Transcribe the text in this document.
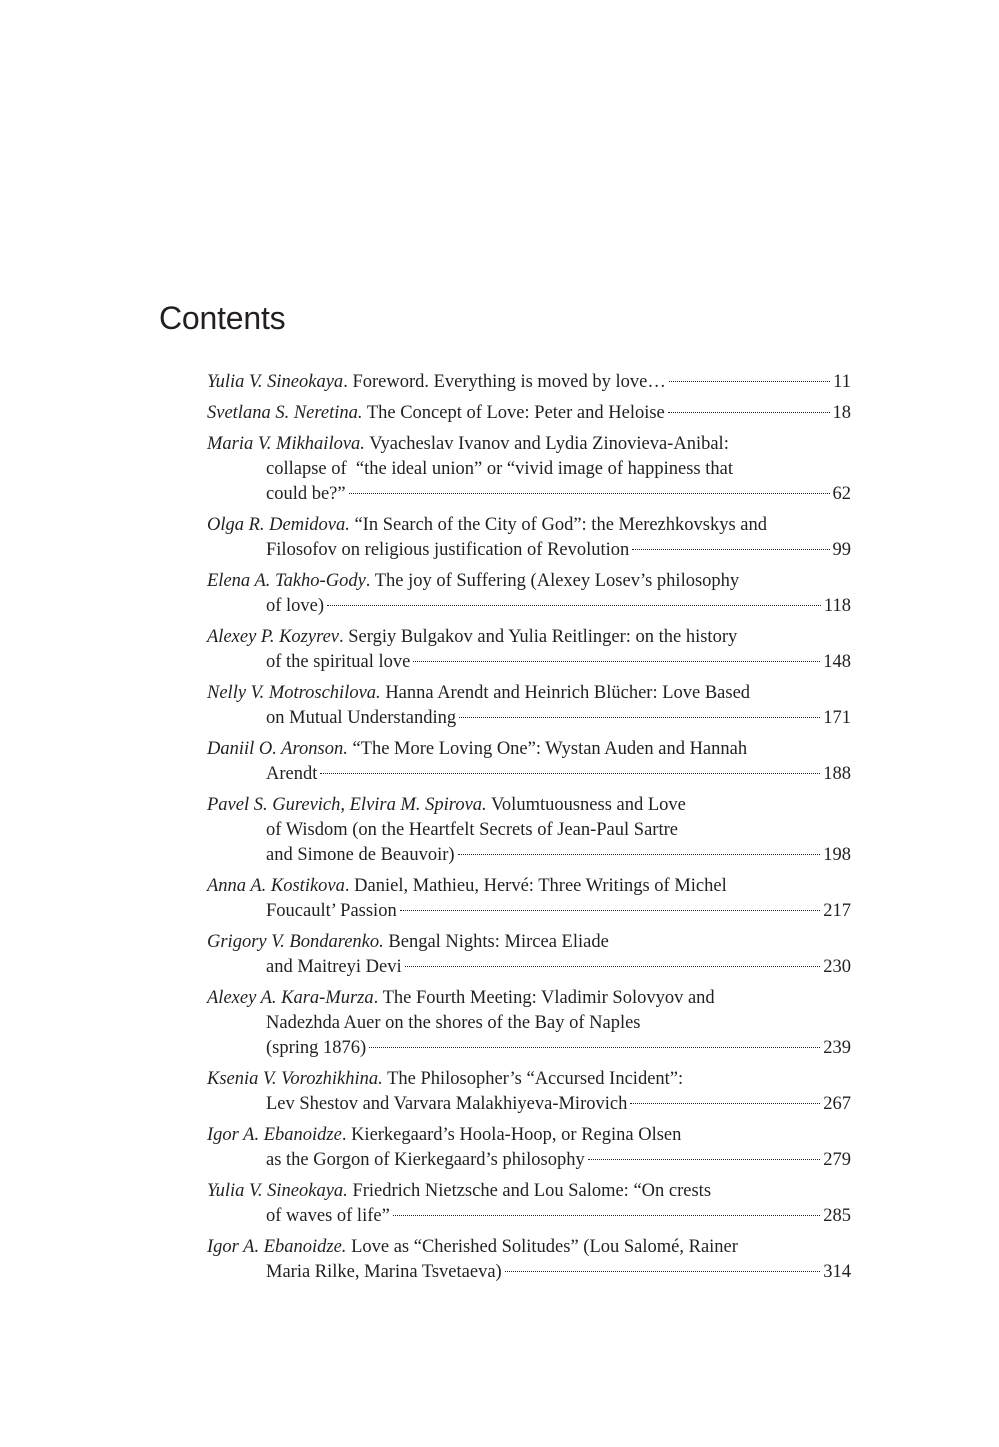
Contents
Yulia V. Sineokaya. Foreword. Everything is moved by love…	11
Svetlana S. Neretina. The Concept of Love: Peter and Heloise	18
Maria V. Mikhailova. Vyacheslav Ivanov and Lydia Zinovieva-Anibal:
collapse of  “the ideal union” or “vivid image of happiness that
could be?”	62
Olga R. Demidova. “In Search of the City of God”: the Merezhkovskys and
Filosofov on religious justification of Revolution	99
Elena A. Takho-Gody. The joy of Suffering (Alexey Losev’s philosophy
of love)	118
Alexey P. Kozyrev. Sergiy Bulgakov and Yulia Reitlinger: on the history
of the spiritual love	148
Nelly V. Motroschilova. Hanna Arendt and Heinrich Blücher: Love Based
on Mutual Understanding	171
Daniil O. Aronson. “The More Loving One”: Wystan Auden and Hannah
Arendt	188
Pavel S. Gurevich, Elvira M. Spirova. Volumtuousness and Love
of Wisdom (on the Heartfelt Secrets of Jean-Paul Sartre
and Simone de Beauvoir)	198
Anna A. Kostikova. Daniel, Mathieu, Hervé: Three Writings of Michel
Foucault’ Passion	217
Grigory V. Bondarenko. Bengal Nights: Mircea Eliade
and Maitreyi Devi	230
Alexey A. Kara-Murza. The Fourth Meeting: Vladimir Solovyov and
Nadezhda Auer on the shores of the Bay of Naples
(spring 1876)	239
Ksenia V. Vorozhikhina. The Philosopher’s “Accursed Incident”:
Lev Shestov and Varvara Malakhiyeva-Mirovich	267
Igor A. Ebanoidze. Kierkegaard’s Hoola-Hoop, or Regina Olsen
as the Gorgon of Kierkegaard’s philosophy	279
Yulia V. Sineokaya. Friedrich Nietzsche and Lou Salome: “On crests
of waves of life”	285
Igor A. Ebanoidze. Love as “Cherished Solitudes” (Lou Salomé, Rainer
Maria Rilke, Marina Tsvetaeva)	314
